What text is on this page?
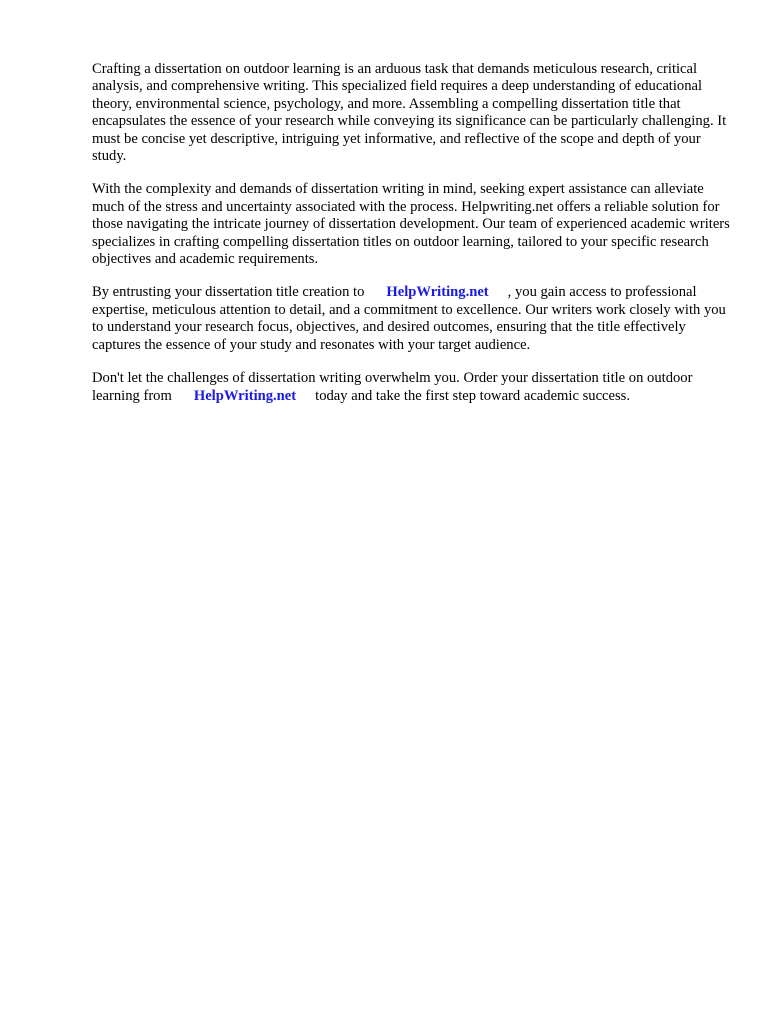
Crafting a dissertation on outdoor learning is an arduous task that demands meticulous research, critical analysis, and comprehensive writing. This specialized field requires a deep understanding of educational theory, environmental science, psychology, and more. Assembling a compelling dissertation title that encapsulates the essence of your research while conveying its significance can be particularly challenging. It must be concise yet descriptive, intriguing yet informative, and reflective of the scope and depth of your study.

With the complexity and demands of dissertation writing in mind, seeking expert assistance can alleviate much of the stress and uncertainty associated with the process. Helpwriting.net offers a reliable solution for those navigating the intricate journey of dissertation development. Our team of experienced academic writers specializes in crafting compelling dissertation titles on outdoor learning, tailored to your specific research objectives and academic requirements.

By entrusting your dissertation title creation to HelpWriting.net , you gain access to professional expertise, meticulous attention to detail, and a commitment to excellence. Our writers work closely with you to understand your research focus, objectives, and desired outcomes, ensuring that the title effectively captures the essence of your study and resonates with your target audience.

Don't let the challenges of dissertation writing overwhelm you. Order your dissertation title on outdoor learning from HelpWriting.net today and take the first step toward academic success.
